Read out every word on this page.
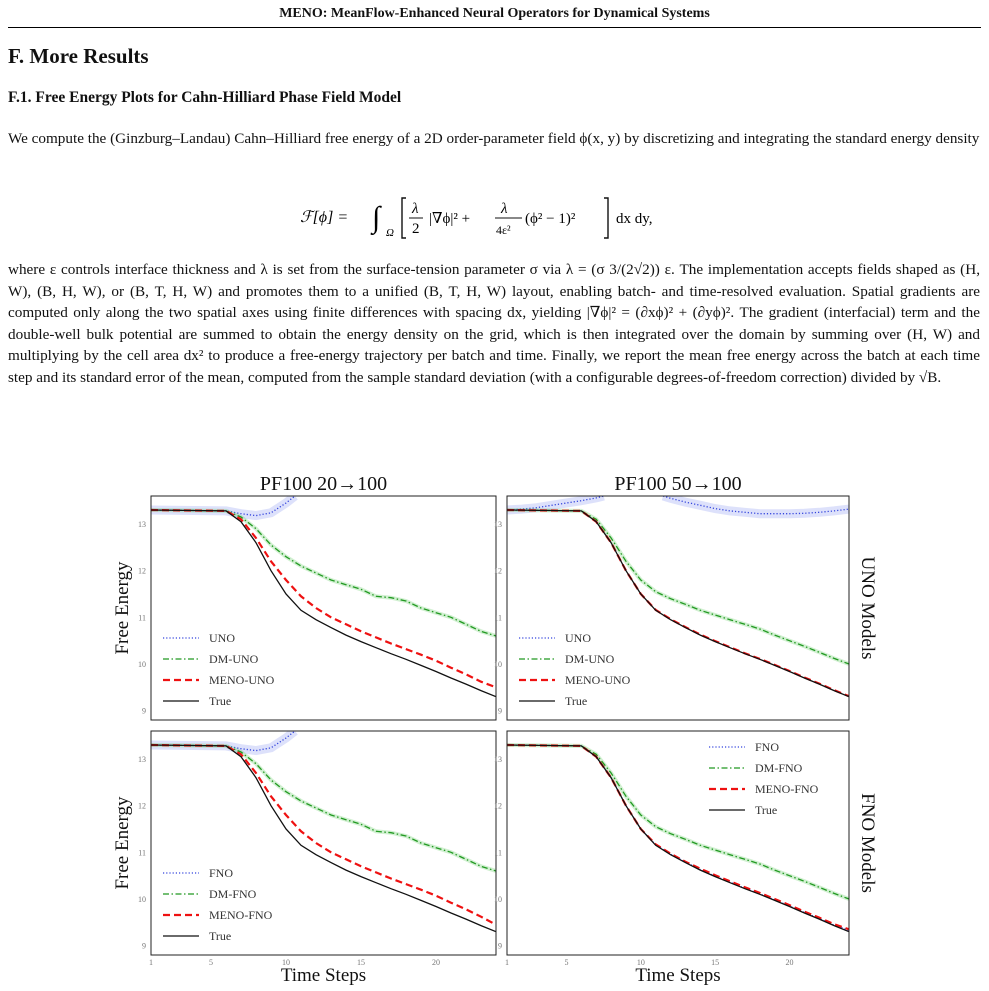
MENO: MeanFlow-Enhanced Neural Operators for Dynamical Systems
F. More Results
F.1. Free Energy Plots for Cahn-Hilliard Phase Field Model
We compute the (Ginzburg–Landau) Cahn–Hilliard free energy of a 2D order-parameter field ϕ(x, y) by discretizing and integrating the standard energy density
ℱ[ϕ] = ∫ Ω
λ
2
|∇ϕ|² +
λ
4ε²
(ϕ² − 1)²	dx dy,
where ε controls interface thickness and λ is set from the surface-tension parameter σ via λ = (σ 3/(2√2)) ε. The implementation accepts fields shaped as (H, W), (B, H, W), or (B, T, H, W) and promotes them to a unified (B, T, H, W) layout, enabling batch- and time-resolved evaluation. Spatial gradients are computed only along the two spatial axes using finite differences with spacing dx, yielding |∇ϕ|² = (∂xϕ)² + (∂yϕ)². The gradient (interfacial) term and the double-well bulk potential are summed to obtain the energy density on the grid, which is then integrated over the domain by summing over (H, W) and multiplying by the cell area dx² to produce a free-energy trajectory per batch and time. Finally, we report the mean free energy across the batch at each time step and its standard error of the mean, computed from the sample standard deviation (with a configurable degrees-of-freedom correction) divided by √B.
PF100 20→100	PF100 50→100
UNO Models
FNO Models
Free Energy
Free Energy
Time Steps	Time Steps
9
10
11
12
13
UNO
DM-UNO
MENO-UNO
True
9
10
11
12
13
UNO
DM-UNO
MENO-UNO
True
9
10
11
12
13
1	5	10	15	20
FNO
DM-FNO
MENO-FNO
True
9
10
11
12
13
1	5	10	15	20
FNO
DM-FNO
MENO-FNO
True
